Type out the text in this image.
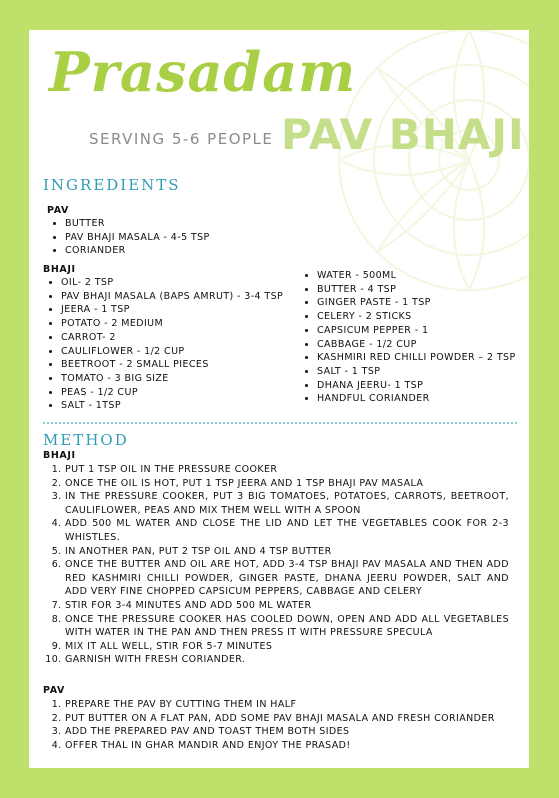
Prasadam
SERVING 5-6 PEOPLE PAV BHAJI
INGREDIENTS
PAV
• BUTTER
• PAV BHAJI MASALA - 4-5 TSP
• CORIANDER
BHAJI
• OIL- 2 TSP
• PAV BHAJI MASALA (BAPS AMRUT) - 3-4 TSP
• JEERA - 1 TSP
• POTATO - 2 MEDIUM
• CARROT- 2
• CAULIFLOWER - 1/2 CUP
• BEETROOT - 2 SMALL PIECES
• TOMATO - 3 BIG SIZE
• PEAS - 1/2 CUP
• SALT - 1TSP
• WATER - 500ML
• BUTTER - 4 TSP
• GINGER PASTE - 1 TSP
• CELERY - 2 STICKS
• CAPSICUM PEPPER - 1
• CABBAGE - 1/2 CUP
• KASHMIRI RED CHILLI POWDER – 2 TSP
• SALT - 1 TSP
• DHANA JEERU- 1 TSP
• HANDFUL CORIANDER
METHOD
BHAJI
1. PUT 1 TSP OIL IN THE PRESSURE COOKER
2. ONCE THE OIL IS HOT, PUT 1 TSP JEERA AND 1 TSP BHAJI PAV MASALA
3. IN THE PRESSURE COOKER, PUT 3 BIG TOMATOES, POTATOES, CARROTS, BEETROOT, CAULIFLOWER, PEAS AND MIX THEM WELL WITH A SPOON
4. ADD 500 ML WATER AND CLOSE THE LID AND LET THE VEGETABLES COOK FOR 2-3 WHISTLES.
5. IN ANOTHER PAN, PUT 2 TSP OIL AND 4 TSP BUTTER
6. ONCE THE BUTTER AND OIL ARE HOT, ADD 3-4 TSP BHAJI PAV MASALA AND THEN ADD RED KASHMIRI CHILLI POWDER, GINGER PASTE, DHANA JEERU POWDER, SALT AND ADD VERY FINE CHOPPED CAPSICUM PEPPERS, CABBAGE AND CELERY
7. STIR FOR 3-4 MINUTES AND ADD 500 ML WATER
8. ONCE THE PRESSURE COOKER HAS COOLED DOWN, OPEN AND ADD ALL VEGETABLES WITH WATER IN THE PAN AND THEN PRESS IT WITH PRESSURE SPECULA
9. MIX IT ALL WELL, STIR FOR 5-7 MINUTES
10. GARNISH WITH FRESH CORIANDER.
PAV
1. PREPARE THE PAV BY CUTTING THEM IN HALF
2. PUT BUTTER ON A FLAT PAN, ADD SOME PAV BHAJI MASALA AND FRESH CORIANDER
3. ADD THE PREPARED PAV AND TOAST THEM BOTH SIDES
4. OFFER THAL IN GHAR MANDIR AND ENJOY THE PRASAD!
